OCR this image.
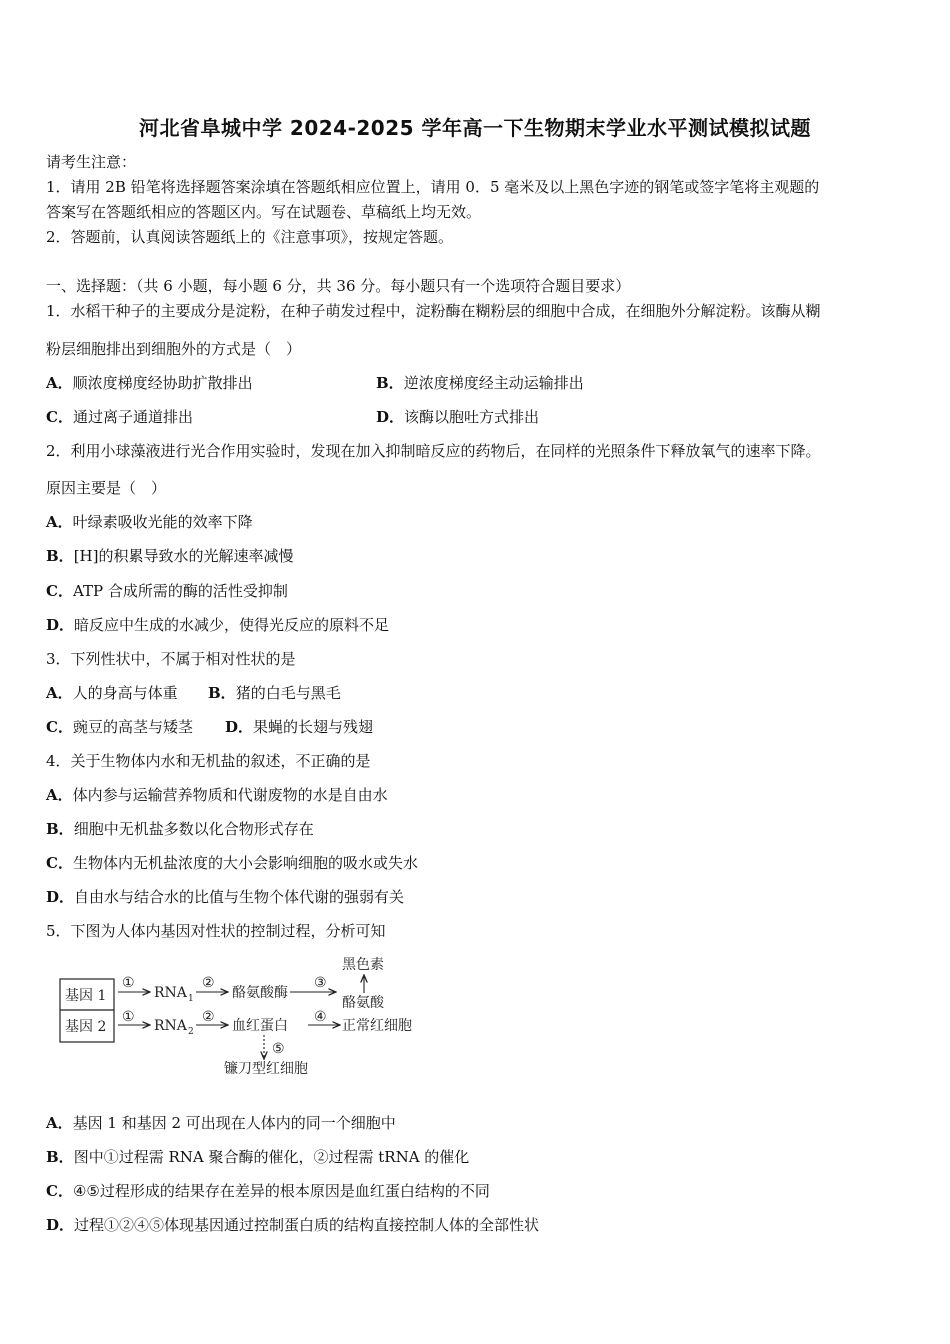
河北省阜城中学 2024-2025 学年高一下生物期末学业水平测试模拟试题
请考生注意：
1．请用 2B 铅笔将选择题答案涂填在答题纸相应位置上，请用 0．5 毫米及以上黑色字迹的钢笔或签字笔将主观题的
答案写在答题纸相应的答题区内。写在试题卷、草稿纸上均无效。
2．答题前，认真阅读答题纸上的《注意事项》，按规定答题。
一、选择题：（共 6 小题，每小题 6 分，共 36 分。每小题只有一个选项符合题目要求）
1．水稻干种子的主要成分是淀粉，在种子萌发过程中，淀粉酶在糊粉层的细胞中合成，在细胞外分解淀粉。该酶从糊
粉层细胞排出到细胞外的方式是（　）
A．顺浓度梯度经协助扩散排出	B．逆浓度梯度经主动运输排出
C．通过离子通道排出	D．该酶以胞吐方式排出
2．利用小球藻液进行光合作用实验时，发现在加入抑制暗反应的药物后，在同样的光照条件下释放氧气的速率下降。
原因主要是（　）
A．叶绿素吸收光能的效率下降
B．[H]的积累导致水的光解速率减慢
C．ATP 合成所需的酶的活性受抑制
D．暗反应中生成的水减少，使得光反应的原料不足
3．下列性状中，不属于相对性状的是
A．人的身高与体重 B．猪的白毛与黑毛
C．豌豆的高茎与矮茎 D．果蝇的长翅与残翅
4．关于生物体内水和无机盐的叙述，不正确的是
A．体内参与运输营养物质和代谢废物的水是自由水
B．细胞中无机盐多数以化合物形式存在
C．生物体内无机盐浓度的大小会影响细胞的吸水或失水
D．自由水与结合水的比值与生物个体代谢的强弱有关
5．下图为人体内基因对性状的控制过程，分析可知
基因 1
基因 2
①
RNA 1
②
酪氨酸酶
③
黑色素
酪氨酸
①
RNA 2
②
血红蛋白
④
正常红细胞
⑤
镰刀型红细胞
A．基因 1 和基因 2 可出现在人体内的同一个细胞中
B．图中①过程需 RNA 聚合酶的催化，②过程需 tRNA 的催化
C．④⑤过程形成的结果存在差异的根本原因是血红蛋白结构的不同
D．过程①②④⑤体现基因通过控制蛋白质的结构直接控制人体的全部性状
